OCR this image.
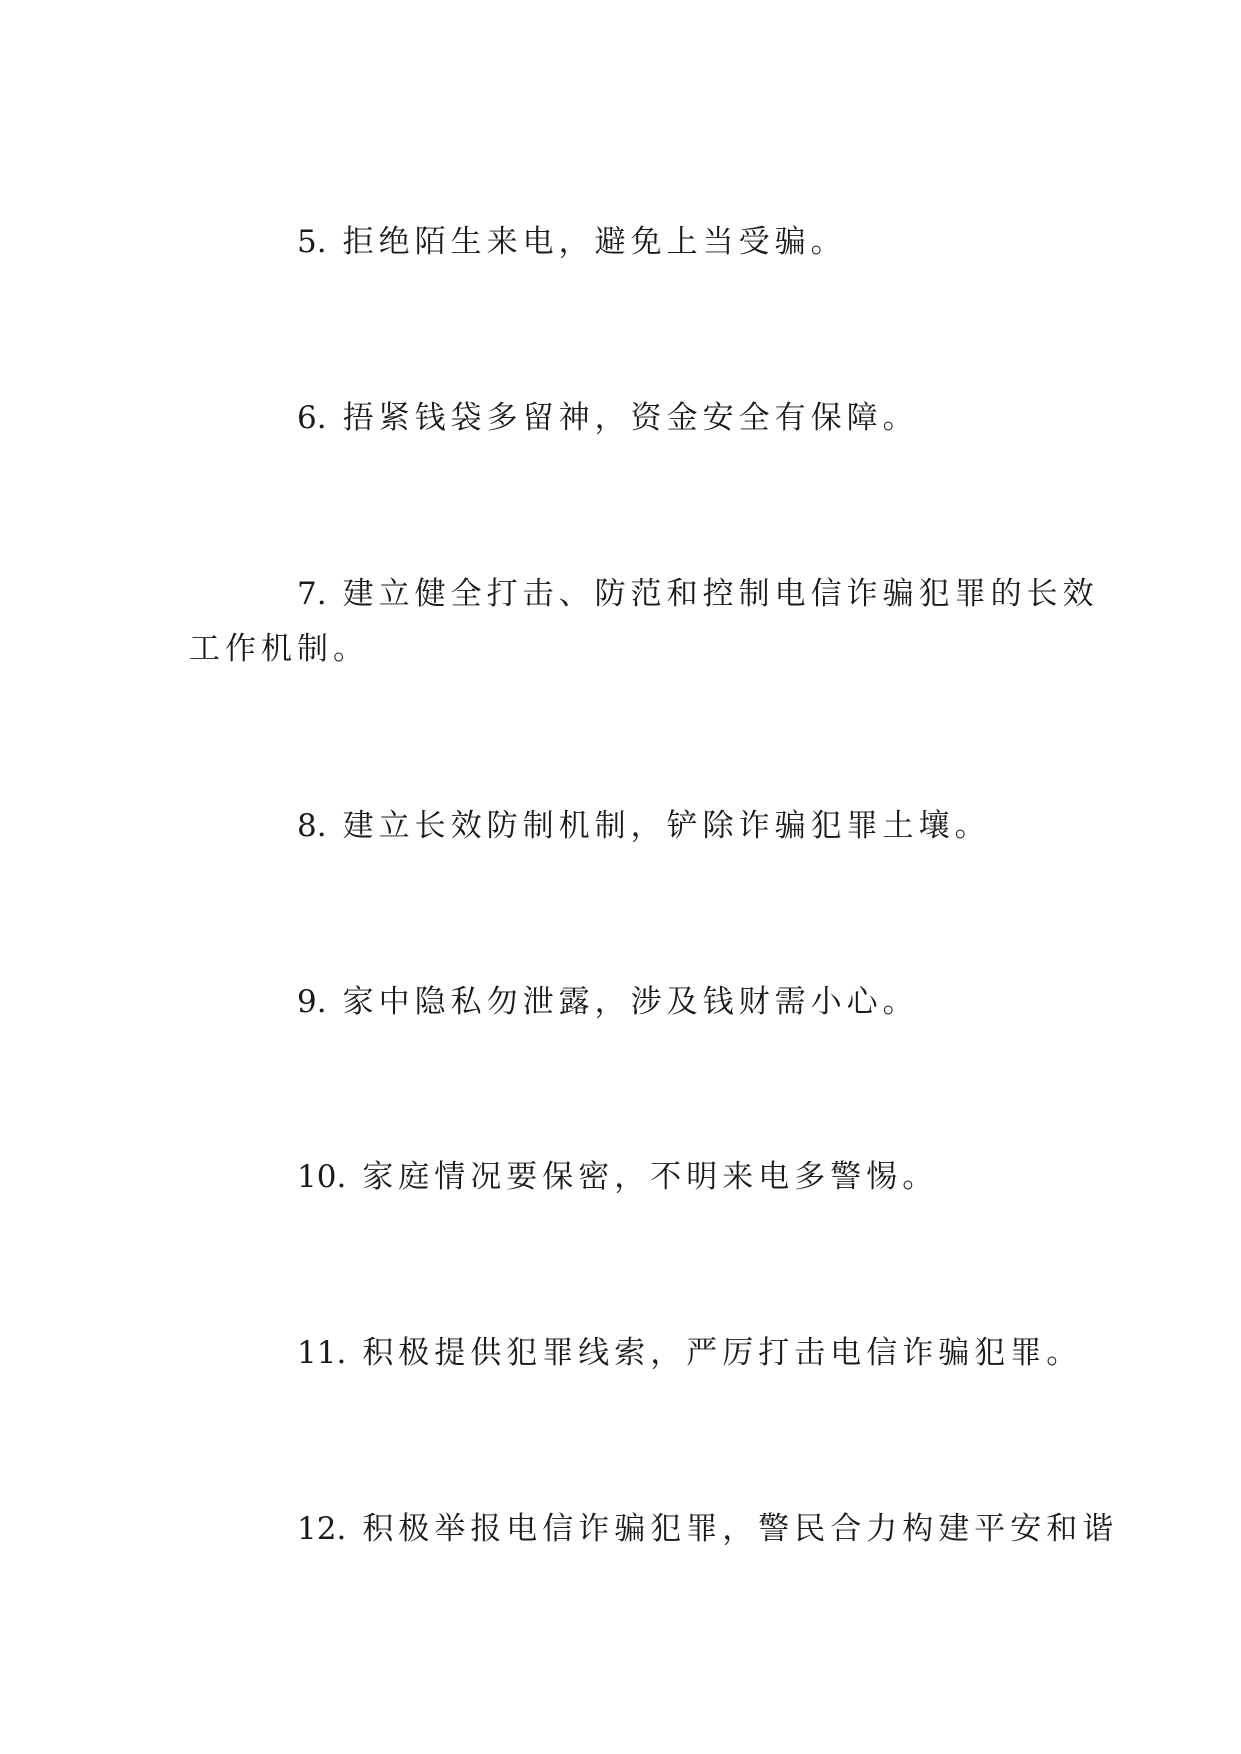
5. 拒绝陌生来电，避免上当受骗。

6. 捂紧钱袋多留神，资金安全有保障。

7. 建立健全打击、防范和控制电信诈骗犯罪的长效

工作机制。

8. 建立长效防制机制，铲除诈骗犯罪土壤。

9. 家中隐私勿泄露，涉及钱财需小心。

10. 家庭情况要保密，不明来电多警惕。

11. 积极提供犯罪线索，严厉打击电信诈骗犯罪。

12. 积极举报电信诈骗犯罪，警民合力构建平安和谐
